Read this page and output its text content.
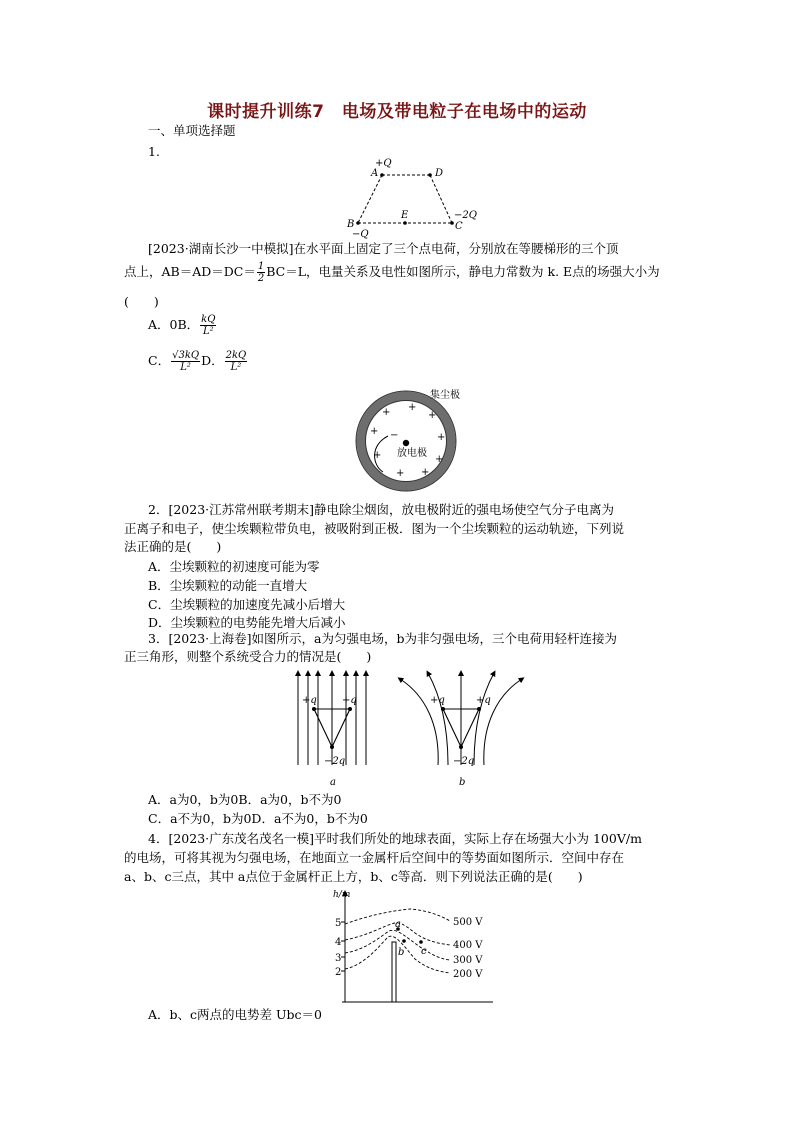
课时提升训练7　电场及带电粒子在电场中的运动
一、单项选择题
1.
+Q
A	D
B
−Q
E	−2Q
C
[2023·湖南长沙一中模拟]在水平面上固定了三个点电荷，分别放在等腰梯形的三个顶
点上，$AB=AD=DC= \frac{1}{2} BC=L$，电量关系及电性如图所示，静电力常数为 k. E点的场强大小为
(　　)
A．0B． $\frac{kQ}{\text{L²}}$
C． $\frac{√3kQ}{\text{L²}}$ D． $\frac{2kQ}{\text{L²}}$
+ +
+
+
+
+	+
+ +
−
集尘极
放电极
2．[2023·江苏常州联考期末]静电除尘烟囱，放电极附近的强电场使空气分子电离为
正离子和电子，使尘埃颗粒带负电，被吸附到正极．图为一个尘埃颗粒的运动轨迹，下列说
法正确的是(　　)
A．尘埃颗粒的初速度可能为零
B．尘埃颗粒的动能一直增大
C．尘埃颗粒的加速度先减小后增大
D．尘埃颗粒的电势能先增大后减小
3．[2023·上海卷]如图所示，a为匀强电场，b为非匀强电场，三个电荷用轻杆连接为
正三角形，则整个系统受合力的情况是(　　)
+q	+q
−2q
a
+q	+q
−2q
b
A．a为0，b为0B．a为0，b不为0
C．a不为0，b为0D．a不为0，b不为0
4．[2023·广东茂名茂名一模]平时我们所处的地球表面，实际上存在场强大小为 100V/m
的电场，可将其视为匀强电场，在地面立一金属杆后空间中的等势面如图所示．空间中存在
a、b、c三点，其中 a点位于金属杆正上方，b、c等高．则下列说法正确的是(　　)
h/m
5
4
3
2
500 V
400 V
300 V
200 V
a
b c
A．b、c两点的电势差 Ubc＝0
